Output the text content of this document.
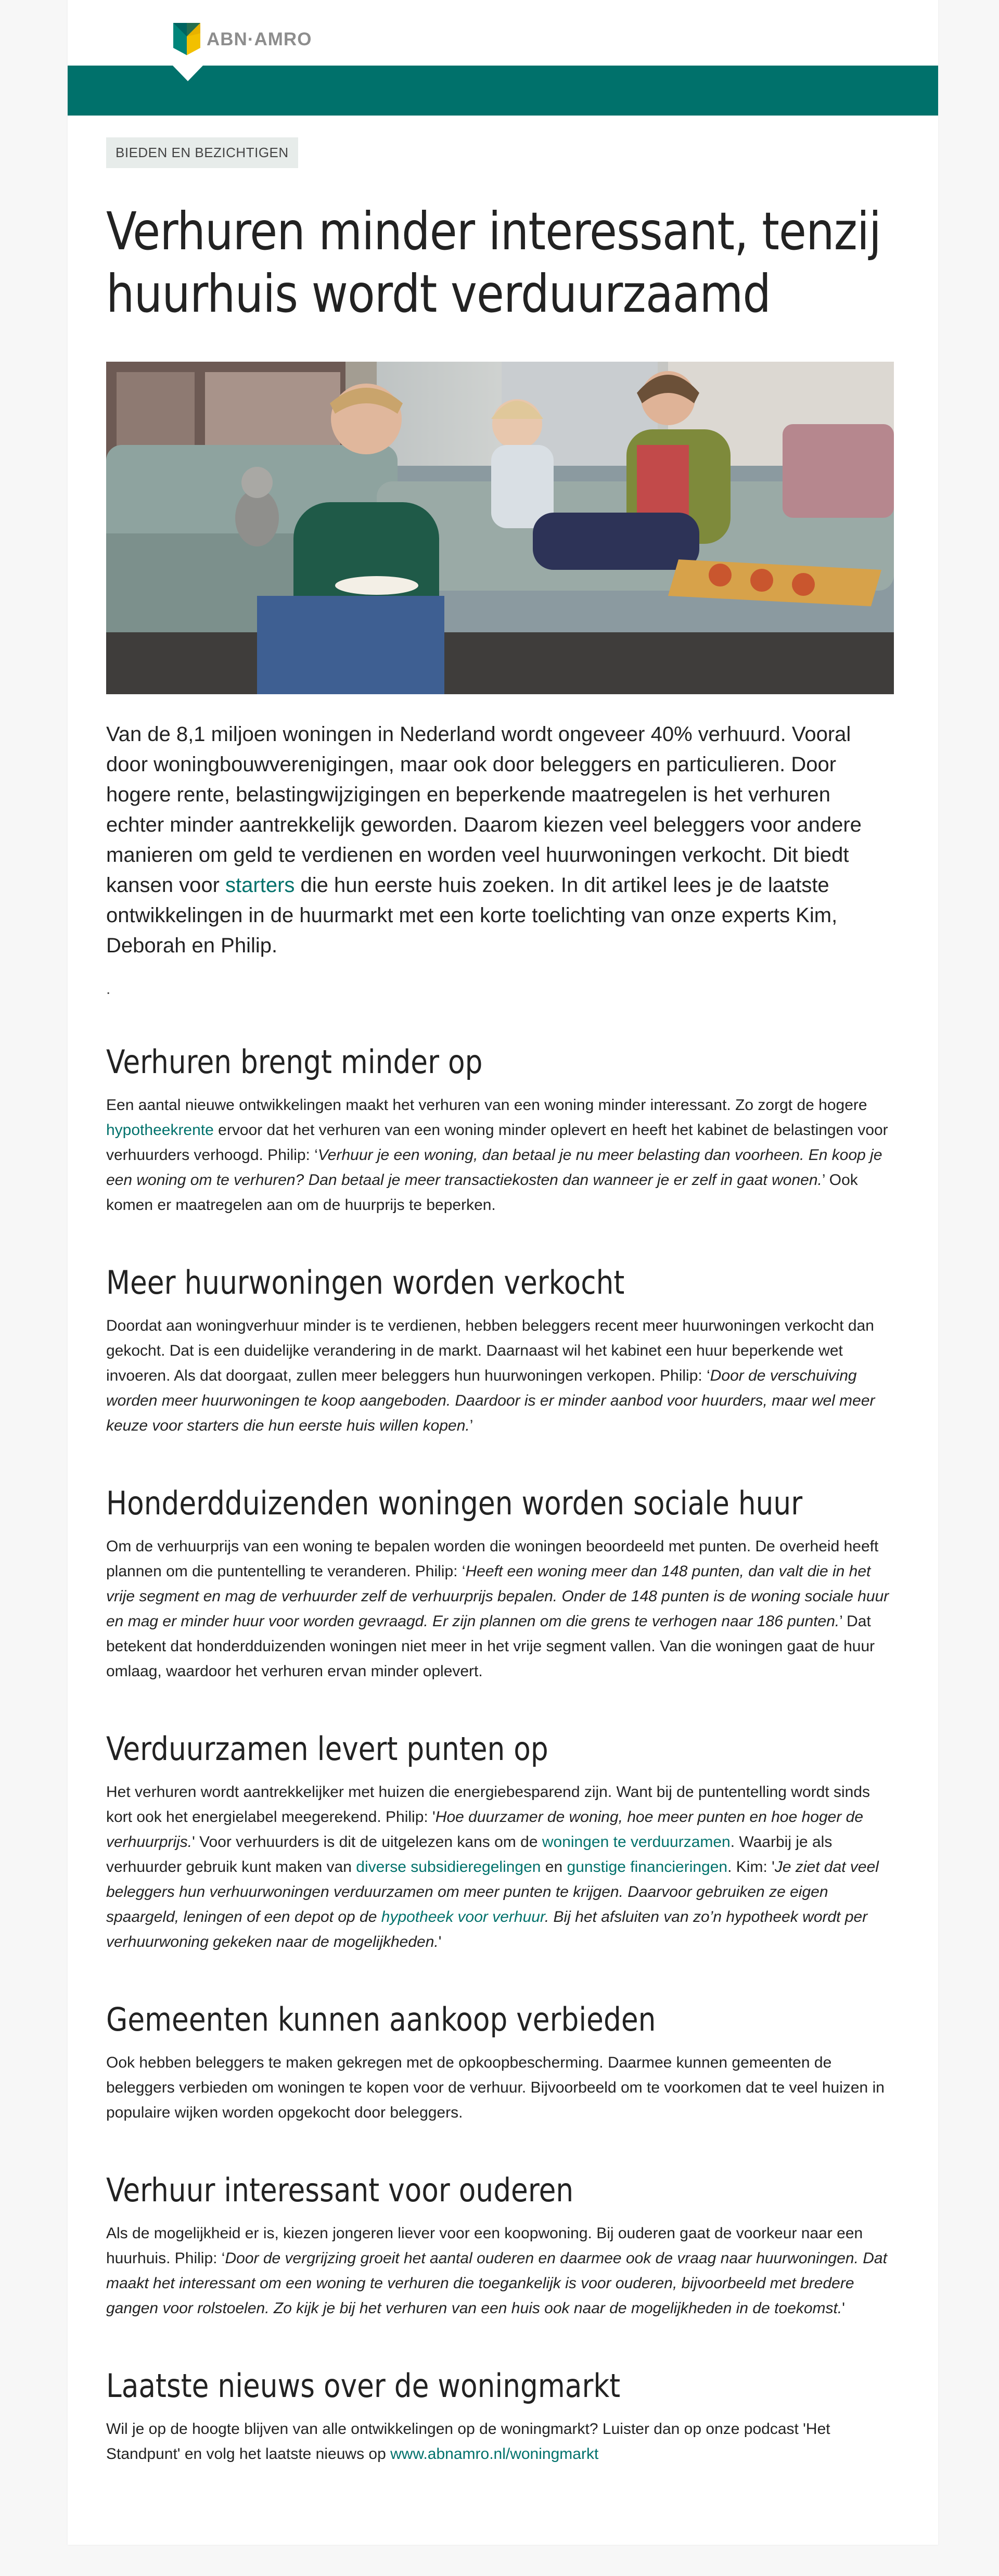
ABN·AMRO
BIEDEN EN BEZICHTIGEN
Verhuren minder interessant, tenzij huurhuis wordt verduurzaamd
Van de 8,1 miljoen woningen in Nederland wordt ongeveer 40% verhuurd. Vooral door woningbouwverenigingen, maar ook door beleggers en particulieren. Door hogere rente, belastingwijzigingen en beperkende maatregelen is het verhuren echter minder aantrekkelijk geworden. Daarom kiezen veel beleggers voor andere manieren om geld te verdienen en worden veel huurwoningen verkocht. Dit biedt kansen voor starters die hun eerste huis zoeken. In dit artikel lees je de laatste ontwikkelingen in de huurmarkt met een korte toelichting van onze experts Kim, Deborah en Philip.
.
Verhuren brengt minder op
Een aantal nieuwe ontwikkelingen maakt het verhuren van een woning minder interessant. Zo zorgt de hogere hypotheekrente ervoor dat het verhuren van een woning minder oplevert en heeft het kabinet de belastingen voor verhuurders verhoogd. Philip: ‘Verhuur je een woning, dan betaal je nu meer belasting dan voorheen. En koop je een woning om te verhuren? Dan betaal je meer transactiekosten dan wanneer je er zelf in gaat wonen.’ Ook komen er maatregelen aan om de huurprijs te beperken.
Meer huurwoningen worden verkocht
Doordat aan woningverhuur minder is te verdienen, hebben beleggers recent meer huurwoningen verkocht dan gekocht. Dat is een duidelijke verandering in de markt. Daarnaast wil het kabinet een huur beperkende wet invoeren. Als dat doorgaat, zullen meer beleggers hun huurwoningen verkopen. Philip: ‘Door de verschuiving worden meer huurwoningen te koop aangeboden. Daardoor is er minder aanbod voor huurders, maar wel meer keuze voor starters die hun eerste huis willen kopen.’
Honderdduizenden woningen worden sociale huur
Om de verhuurprijs van een woning te bepalen worden die woningen beoordeeld met punten. De overheid heeft plannen om die puntentelling te veranderen. Philip: ‘Heeft een woning meer dan 148 punten, dan valt die in het vrije segment en mag de verhuurder zelf de verhuurprijs bepalen. Onder de 148 punten is de woning sociale huur en mag er minder huur voor worden gevraagd. Er zijn plannen om die grens te verhogen naar 186 punten.’ Dat betekent dat honderdduizenden woningen niet meer in het vrije segment vallen. Van die woningen gaat de huur omlaag, waardoor het verhuren ervan minder oplevert.
Verduurzamen levert punten op
Het verhuren wordt aantrekkelijker met huizen die energiebesparend zijn. Want bij de puntentelling wordt sinds kort ook het energielabel meegerekend. Philip: 'Hoe duurzamer de woning, hoe meer punten en hoe hoger de verhuurprijs.' Voor verhuurders is dit de uitgelezen kans om de woningen te verduurzamen. Waarbij je als verhuurder gebruik kunt maken van diverse subsidieregelingen en gunstige financieringen. Kim: 'Je ziet dat veel beleggers hun verhuurwoningen verduurzamen om meer punten te krijgen. Daarvoor gebruiken ze eigen spaargeld, leningen of een depot op de hypotheek voor verhuur. Bij het afsluiten van zo’n hypotheek wordt per verhuurwoning gekeken naar de mogelijkheden.'
Gemeenten kunnen aankoop verbieden
Ook hebben beleggers te maken gekregen met de opkoopbescherming. Daarmee kunnen gemeenten de beleggers verbieden om woningen te kopen voor de verhuur. Bijvoorbeeld om te voorkomen dat te veel huizen in populaire wijken worden opgekocht door beleggers.
Verhuur interessant voor ouderen
Als de mogelijkheid er is, kiezen jongeren liever voor een koopwoning. Bij ouderen gaat de voorkeur naar een huurhuis. Philip: ‘Door de vergrijzing groeit het aantal ouderen en daarmee ook de vraag naar huurwoningen. Dat maakt het interessant om een woning te verhuren die toegankelijk is voor ouderen, bijvoorbeeld met bredere gangen voor rolstoelen. Zo kijk je bij het verhuren van een huis ook naar de mogelijkheden in de toekomst.'
Laatste nieuws over de woningmarkt
Wil je op de hoogte blijven van alle ontwikkelingen op de woningmarkt? Luister dan op onze podcast 'Het Standpunt' en volg het laatste nieuws op www.abnamro.nl/woningmarkt
